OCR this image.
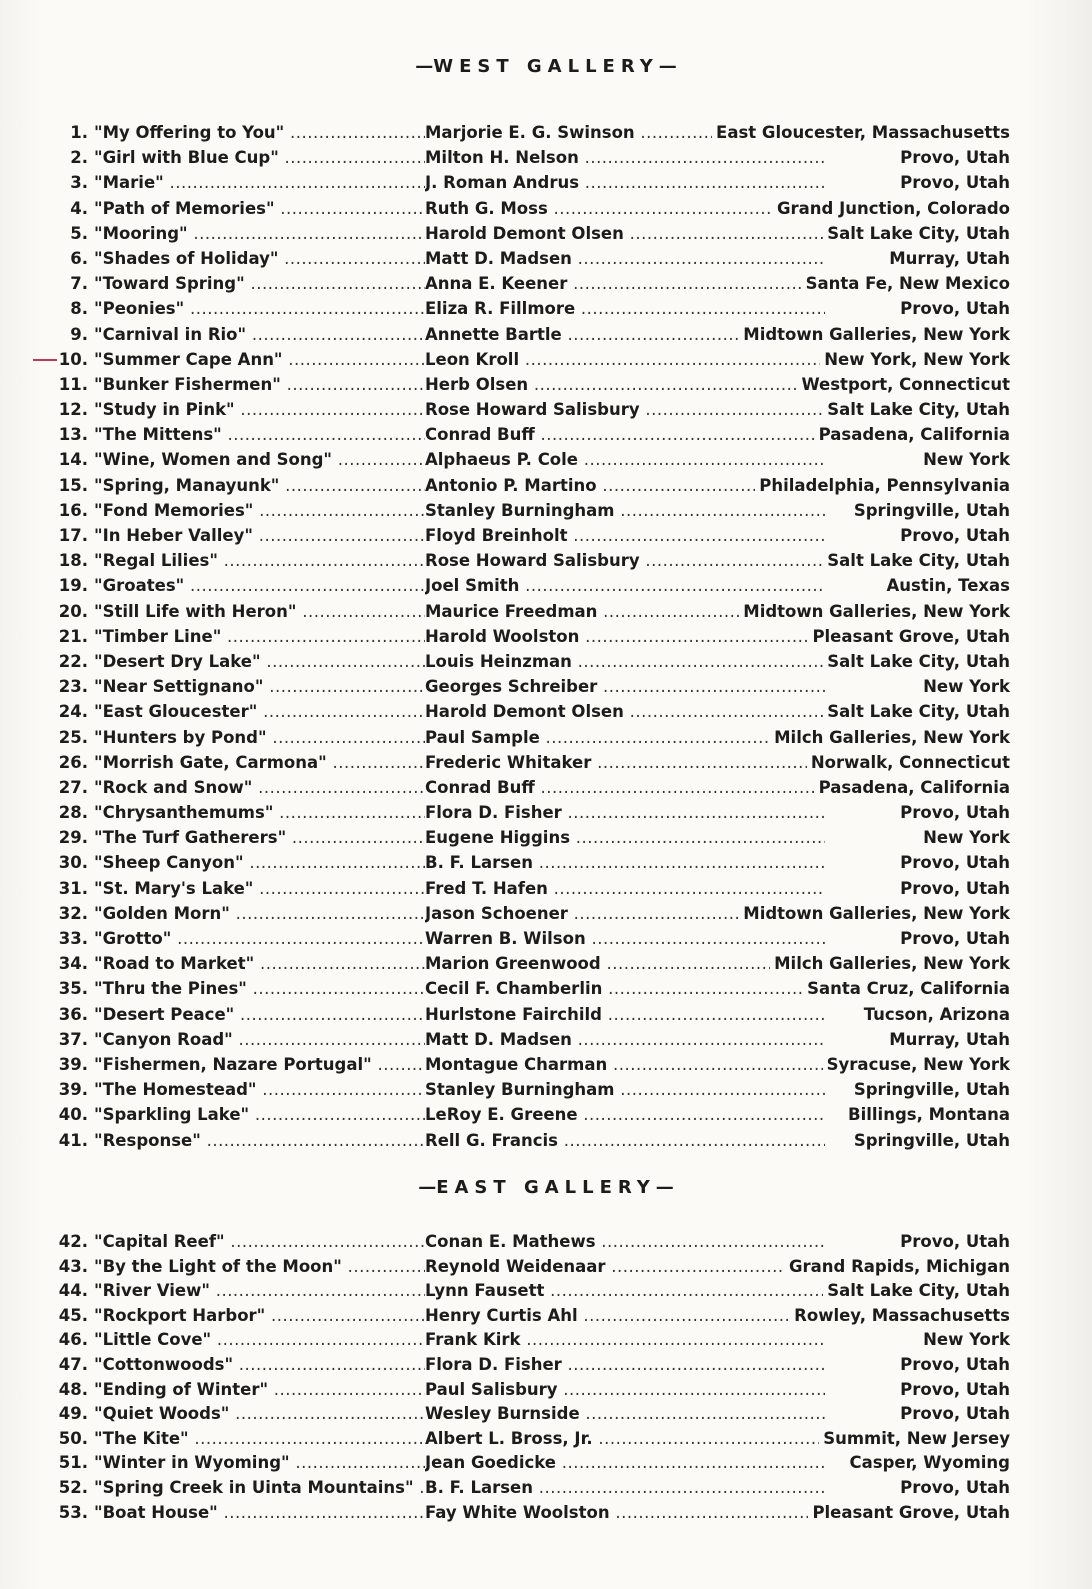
—WEST GALLERY—
1. "My Offering to You" .....	Marjorie E. G. Swinson .....	East Gloucester, Massachusetts
2. "Girl with Blue Cup" .....	Milton H. Nelson .....	Provo, Utah
3. "Marie" .....	J. Roman Andrus .....	Provo, Utah
4. "Path of Memories" .....	Ruth G. Moss .....	Grand Junction, Colorado
5. "Mooring" .....	Harold Demont Olsen .....	Salt Lake City, Utah
6. "Shades of Holiday" .....	Matt D. Madsen .....	Murray, Utah
7. "Toward Spring" .....	Anna E. Keener .....	Santa Fe, New Mexico
8. "Peonies" .....	Eliza R. Fillmore .....	Provo, Utah
9. "Carnival in Rio" .....	Annette Bartle .....	Midtown Galleries, New York
10. "Summer Cape Ann" .....	Leon Kroll .....	New York, New York
11. "Bunker Fishermen" .....	Herb Olsen .....	Westport, Connecticut
12. "Study in Pink" .....	Rose Howard Salisbury .....	Salt Lake City, Utah
13. "The Mittens" .....	Conrad Buff .....	Pasadena, California
14. "Wine, Women and Song" .....	Alphaeus P. Cole .....	New York
15. "Spring, Manayunk" .....	Antonio P. Martino .....	Philadelphia, Pennsylvania
16. "Fond Memories" .....	Stanley Burningham .....	Springville, Utah
17. "In Heber Valley" .....	Floyd Breinholt .....	Provo, Utah
18. "Regal Lilies" .....	Rose Howard Salisbury .....	Salt Lake City, Utah
19. "Groates" .....	Joel Smith .....	Austin, Texas
20. "Still Life with Heron" .....	Maurice Freedman .....	Midtown Galleries, New York
21. "Timber Line" .....	Harold Woolston .....	Pleasant Grove, Utah
22. "Desert Dry Lake" .....	Louis Heinzman .....	Salt Lake City, Utah
23. "Near Settignano" .....	Georges Schreiber .....	New York
24. "East Gloucester" .....	Harold Demont Olsen .....	Salt Lake City, Utah
25. "Hunters by Pond" .....	Paul Sample .....	Milch Galleries, New York
26. "Morrish Gate, Carmona" .....	Frederic Whitaker .....	Norwalk, Connecticut
27. "Rock and Snow" .....	Conrad Buff .....	Pasadena, California
28. "Chrysanthemums" .....	Flora D. Fisher .....	Provo, Utah
29. "The Turf Gatherers" .....	Eugene Higgins .....	New York
30. "Sheep Canyon" .....	B. F. Larsen .....	Provo, Utah
31. "St. Mary's Lake" .....	Fred T. Hafen .....	Provo, Utah
32. "Golden Morn" .....	Jason Schoener .....	Midtown Galleries, New York
33. "Grotto" .....	Warren B. Wilson .....	Provo, Utah
34. "Road to Market" .....	Marion Greenwood .....	Milch Galleries, New York
35. "Thru the Pines" .....	Cecil F. Chamberlin .....	Santa Cruz, California
36. "Desert Peace" .....	Hurlstone Fairchild .....	Tucson, Arizona
37. "Canyon Road" .....	Matt D. Madsen .....	Murray, Utah
39. "Fishermen, Nazare Portugal" .....	Montague Charman .....	Syracuse, New York
39. "The Homestead" .....	Stanley Burningham .....	Springville, Utah
40. "Sparkling Lake" .....	LeRoy E. Greene .....	Billings, Montana
41. "Response" .....	Rell G. Francis .....	Springville, Utah
—EAST GALLERY—
42. "Capital Reef" .....	Conan E. Mathews .....	Provo, Utah
43. "By the Light of the Moon" .....	Reynold Weidenaar .....	Grand Rapids, Michigan
44. "River View" .....	Lynn Fausett .....	Salt Lake City, Utah
45. "Rockport Harbor" .....	Henry Curtis Ahl .....	Rowley, Massachusetts
46. "Little Cove" .....	Frank Kirk .....	New York
47. "Cottonwoods" .....	Flora D. Fisher .....	Provo, Utah
48. "Ending of Winter" .....	Paul Salisbury .....	Provo, Utah
49. "Quiet Woods" .....	Wesley Burnside .....	Provo, Utah
50. "The Kite" .....	Albert L. Bross, Jr. .....	Summit, New Jersey
51. "Winter in Wyoming" .....	Jean Goedicke .....	Casper, Wyoming
52. "Spring Creek in Uinta Mountains" ..... B. F. Larsen .....	Provo, Utah
53. "Boat House" .....	Fay White Woolston .....	Pleasant Grove, Utah
